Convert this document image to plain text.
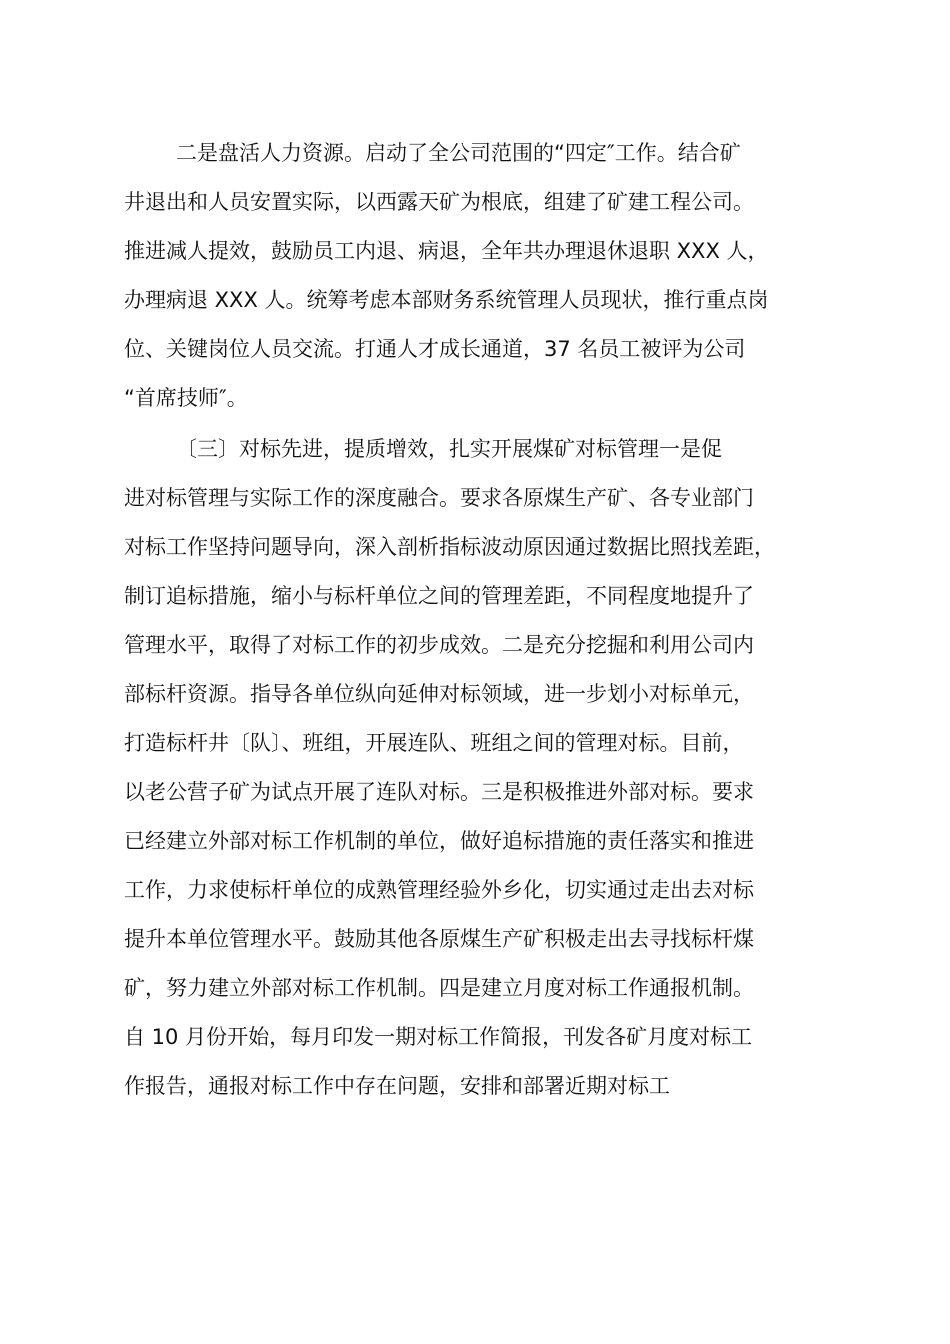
二是盘活人力资源。启动了全公司范围的“四定″工作。结合矿
井退出和人员安置实际，以西露天矿为根底，组建了矿建工程公司。
推进减人提效，鼓励员工内退、病退，全年共办理退休退职 XXX 人，
办理病退 XXX 人。统筹考虑本部财务系统管理人员现状，推行重点岗
位、关键岗位人员交流。打通人才成长通道，37 名员工被评为公司
“首席技师″。
〔三〕对标先进，提质增效，扎实开展煤矿对标管理一是促
进对标管理与实际工作的深度融合。要求各原煤生产矿、各专业部门
对标工作坚持问题导向，深入剖析指标波动原因通过数据比照找差距，
制订追标措施，缩小与标杆单位之间的管理差距，不同程度地提升了
管理水平，取得了对标工作的初步成效。二是充分挖掘和利用公司内
部标杆资源。指导各单位纵向延伸对标领域，进一步划小对标单元，
打造标杆井〔队〕、班组，开展连队、班组之间的管理对标。目前，
以老公营子矿为试点开展了连队对标。三是积极推进外部对标。要求
已经建立外部对标工作机制的单位，做好追标措施的责任落实和推进
工作，力求使标杆单位的成熟管理经验外乡化，切实通过走出去对标
提升本单位管理水平。鼓励其他各原煤生产矿积极走出去寻找标杆煤
矿，努力建立外部对标工作机制。四是建立月度对标工作通报机制。
自 10 月份开始，每月印发一期对标工作简报，刊发各矿月度对标工
作报告，通报对标工作中存在问题，安排和部署近期对标工
